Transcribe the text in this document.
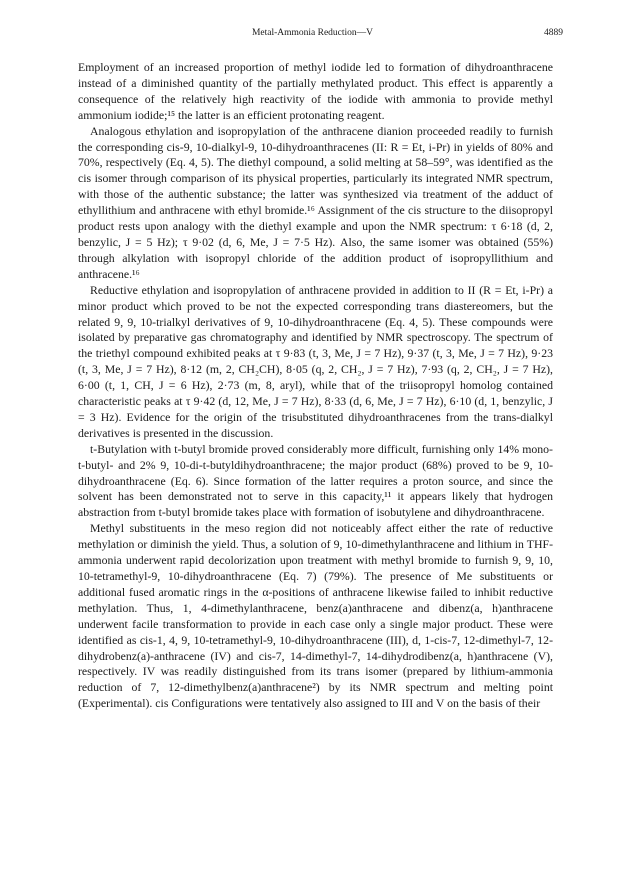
Metal-Ammonia Reduction—V	4889

Employment of an increased proportion of methyl iodide led to formation of dihydroanthracene instead of a diminished quantity of the partially methylated product. This effect is apparently a consequence of the relatively high reactivity of the iodide with ammonia to provide methyl ammonium iodide;¹⁵ the latter is an efficient protonating reagent.

Analogous ethylation and isopropylation of the anthracene dianion proceeded readily to furnish the corresponding cis-9, 10-dialkyl-9, 10-dihydroanthracenes (II: R = Et, i-Pr) in yields of 80% and 70%, respectively (Eq. 4, 5). The diethyl compound, a solid melting at 58–59°, was identified as the cis isomer through comparison of its physical properties, particularly its integrated NMR spectrum, with those of the authentic substance; the latter was synthesized via treatment of the adduct of ethyllithium and anthracene with ethyl bromide.¹⁶ Assignment of the cis structure to the diisopropyl product rests upon analogy with the diethyl example and upon the NMR spectrum: τ 6·18 (d, 2, benzylic, J = 5 Hz); τ 9·02 (d, 6, Me, J = 7·5 Hz). Also, the same isomer was obtained (55%) through alkylation with isopropyl chloride of the addition product of isopropyllithium and anthracene.¹⁶

Reductive ethylation and isopropylation of anthracene provided in addition to II (R = Et, i-Pr) a minor product which proved to be not the expected corresponding trans diastereomers, but the related 9, 9, 10-trialkyl derivatives of 9, 10-dihydroanthracene (Eq. 4, 5). These compounds were isolated by preparative gas chromatography and identified by NMR spectroscopy. The spectrum of the triethyl compound exhibited peaks at τ 9·83 (t, 3, Me, J = 7 Hz), 9·37 (t, 3, Me, J = 7 Hz), 9·23 (t, 3, Me, J = 7 Hz), 8·12 (m, 2, CH₂CH), 8·05 (q, 2, CH₂, J = 7 Hz), 7·93 (q, 2, CH₂, J = 7 Hz), 6·00 (t, 1, CH, J = 6 Hz), 2·73 (m, 8, aryl), while that of the triisopropyl homolog contained characteristic peaks at τ 9·42 (d, 12, Me, J = 7 Hz), 8·33 (d, 6, Me, J = 7 Hz), 6·10 (d, 1, benzylic, J = 3 Hz). Evidence for the origin of the trisubstituted dihydroanthracenes from the trans-dialkyl derivatives is presented in the discussion.

t-Butylation with t-butyl bromide proved considerably more difficult, furnishing only 14% mono-t-butyl- and 2% 9, 10-di-t-butyldihydroanthracene; the major product (68%) proved to be 9, 10-dihydroanthracene (Eq. 6). Since formation of the latter requires a proton source, and since the solvent has been demonstrated not to serve in this capacity,¹¹ it appears likely that hydrogen abstraction from t-butyl bromide takes place with formation of isobutylene and dihydroanthracene.

Methyl substituents in the meso region did not noticeably affect either the rate of reductive methylation or diminish the yield. Thus, a solution of 9, 10-dimethylanthracene and lithium in THF-ammonia underwent rapid decolorization upon treatment with methyl bromide to furnish 9, 9, 10, 10-tetramethyl-9, 10-dihydroanthracene (Eq. 7) (79%). The presence of Me substituents or additional fused aromatic rings in the α-positions of anthracene likewise failed to inhibit reductive methylation. Thus, 1, 4-dimethylanthracene, benz(a)anthracene and dibenz(a, h)anthracene underwent facile transformation to provide in each case only a single major product. These were identified as cis-1, 4, 9, 10-tetramethyl-9, 10-dihydroanthracene (III), d, 1-cis-7, 12-dimethyl-7, 12-dihydrobenz(a)-anthracene (IV) and cis-7, 14-dimethyl-7, 14-dihydrodibenz(a, h)anthracene (V), respectively. IV was readily distinguished from its trans isomer (prepared by lithium-ammonia reduction of 7, 12-dimethylbenz(a)anthracene²) by its NMR spectrum and melting point (Experimental). cis Configurations were tentatively also assigned to III and V on the basis of their
